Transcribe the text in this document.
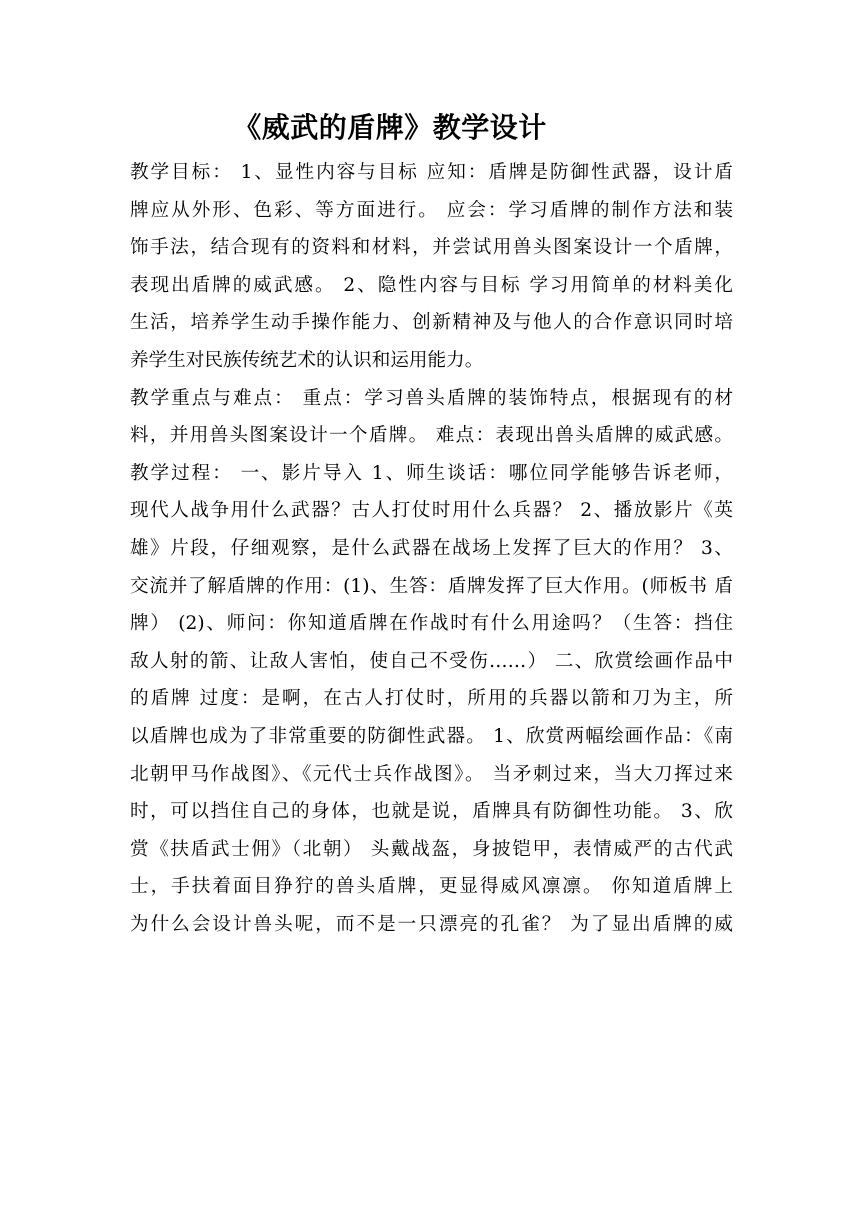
《威武的盾牌》教学设计
教学目标： 1、显性内容与目标 应知：盾牌是防御性武器，设计盾
牌应从外形、色彩、等方面进行。 应会：学习盾牌的制作方法和装
饰手法，结合现有的资料和材料，并尝试用兽头图案设计一个盾牌，
表现出盾牌的威武感。 2、隐性内容与目标 学习用简单的材料美化
生活，培养学生动手操作能力、创新精神及与他人的合作意识同时培
养学生对民族传统艺术的认识和运用能力。
教学重点与难点： 重点：学习兽头盾牌的装饰特点，根据现有的材
料，并用兽头图案设计一个盾牌。 难点：表现出兽头盾牌的威武感。
教学过程： 一、影片导入 1、师生谈话：哪位同学能够告诉老师，
现代人战争用什么武器？古人打仗时用什么兵器？ 2、播放影片《英
雄》片段，仔细观察，是什么武器在战场上发挥了巨大的作用？ 3、
交流并了解盾牌的作用：(1)、生答：盾牌发挥了巨大作用。(师板书 盾
牌） (2)、师问：你知道盾牌在作战时有什么用途吗？（生答：挡住
敌人射的箭、让敌人害怕，使自己不受伤……） 二、欣赏绘画作品中
的盾牌 过度：是啊，在古人打仗时，所用的兵器以箭和刀为主，所
以盾牌也成为了非常重要的防御性武器。 1、欣赏两幅绘画作品：《南
北朝甲马作战图》、《元代士兵作战图》。 当矛刺过来，当大刀挥过来
时，可以挡住自己的身体，也就是说，盾牌具有防御性功能。 3、欣
赏《扶盾武士佣》（北朝） 头戴战盔，身披铠甲，表情威严的古代武
士，手扶着面目狰狞的兽头盾牌，更显得威风凛凛。 你知道盾牌上
为什么会设计兽头呢，而不是一只漂亮的孔雀？ 为了显出盾牌的威
